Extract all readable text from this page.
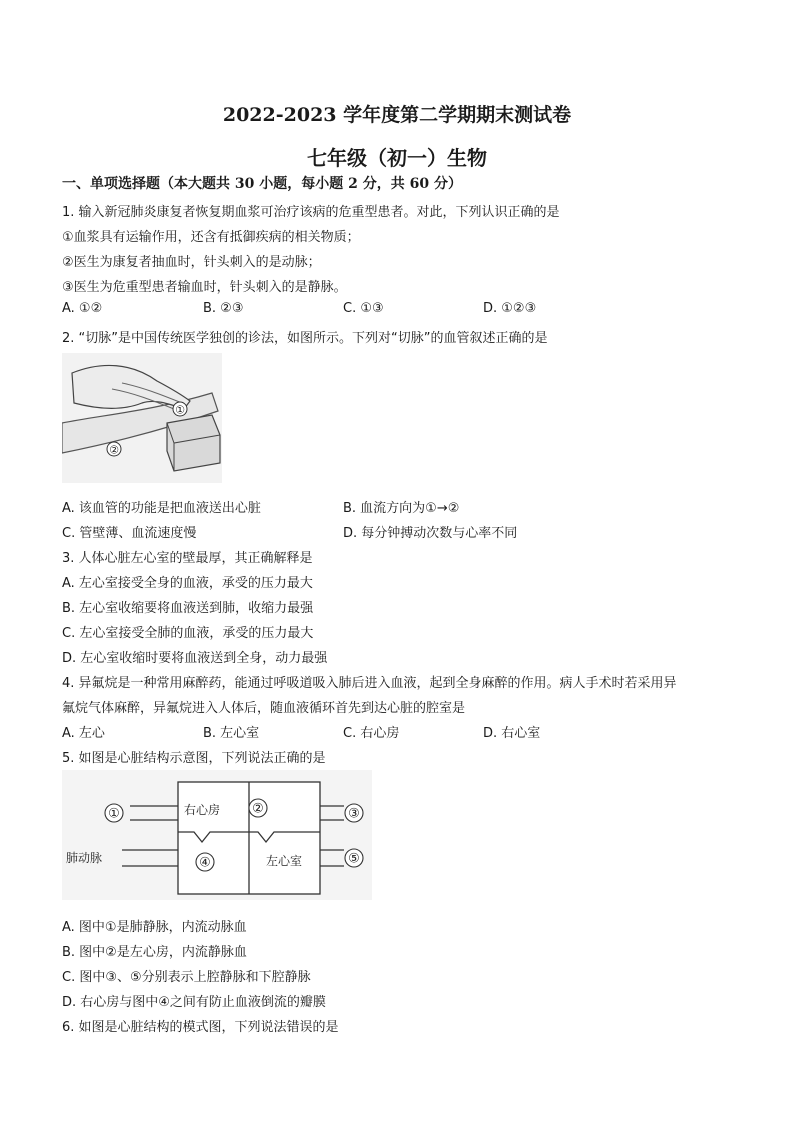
2022-2023 学年度第二学期期末测试卷
七年级（初一）生物
一、单项选择题（本大题共 30 小题，每小题 2 分，共 60 分）
1. 输入新冠肺炎康复者恢复期血浆可治疗该病的危重型患者。对此，下列认识正确的是
①血浆具有运输作用，还含有抵御疾病的相关物质；
②医生为康复者抽血时，针头刺入的是动脉；
③医生为危重型患者输血时，针头刺入的是静脉。
A. ①②	B. ②③	C. ①③	D. ①②③
2. “切脉”是中国传统医学独创的诊法，如图所示。下列对“切脉”的血管叙述正确的是
①
②
A. 该血管的功能是把血液送出心脏	B. 血流方向为①→②
C. 管壁薄、血流速度慢	D. 每分钟搏动次数与心率不同
3. 人体心脏左心室的壁最厚，其正确解释是
A. 左心室接受全身的血液，承受的压力最大
B. 左心室收缩要将血液送到肺，收缩力最强
C. 左心室接受全肺的血液，承受的压力最大
D. 左心室收缩时要将血液送到全身，动力最强
4. 异氟烷是一种常用麻醉药，能通过呼吸道吸入肺后进入血液，起到全身麻醉的作用。病人手术时若采用异
氟烷气体麻醉，异氟烷进入人体后，随血液循环首先到达心脏的腔室是
A. 左心	B. 左心室	C. 右心房	D. 右心室
5. 如图是心脏结构示意图，下列说法正确的是
①	②	③
④	⑤
右心房
左心室
肺动脉
A. 图中①是肺静脉，内流动脉血
B. 图中②是左心房，内流静脉血
C. 图中③、⑤分别表示上腔静脉和下腔静脉
D. 右心房与图中④之间有防止血液倒流的瓣膜
6. 如图是心脏结构的模式图，下列说法错误的是
